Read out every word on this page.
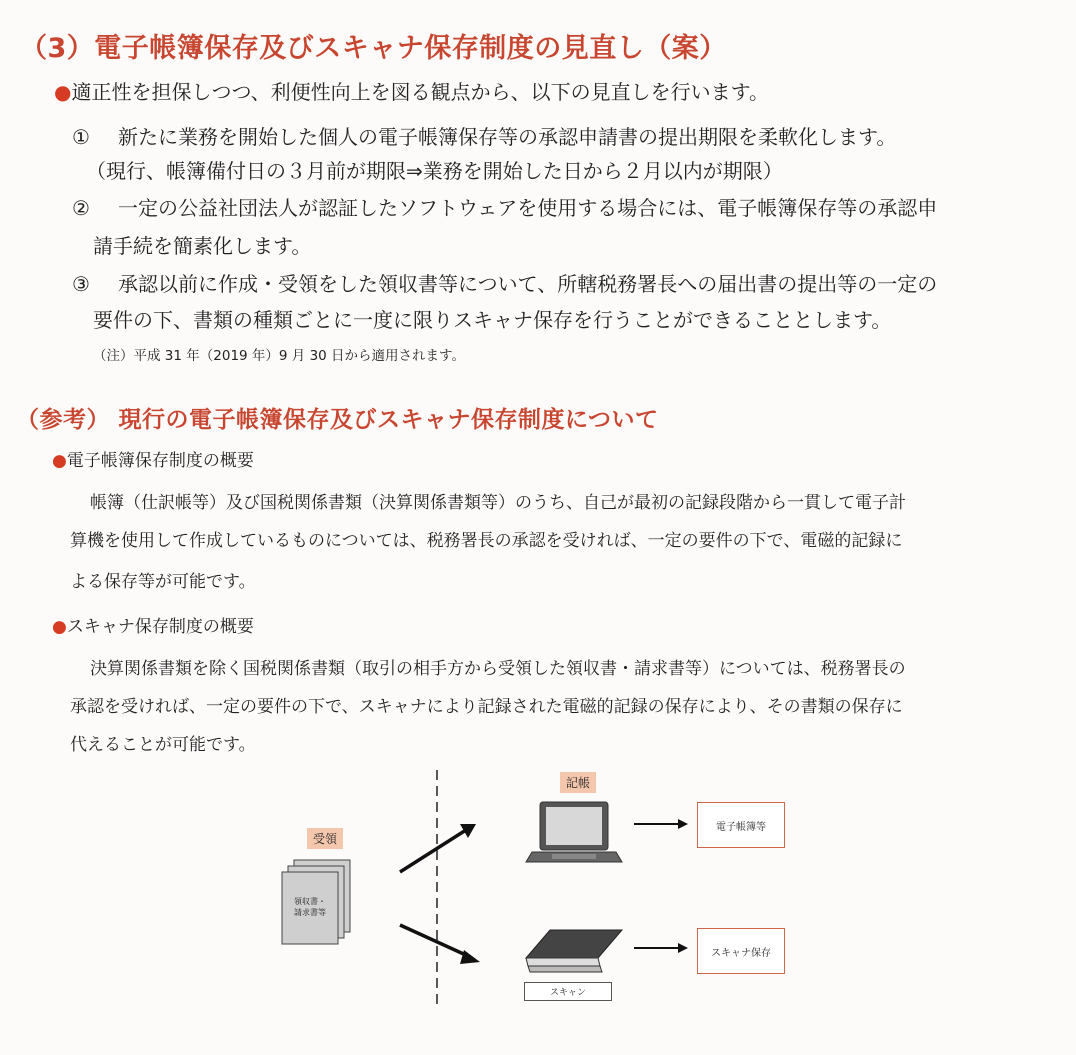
（3）電子帳簿保存及びスキャナ保存制度の見直し（案）
●適正性を担保しつつ、利便性向上を図る観点から、以下の見直しを行います。
① 新たに業務を開始した個人の電子帳簿保存等の承認申請書の提出期限を柔軟化します。
（現行、帳簿備付日の３月前が期限⇒業務を開始した日から２月以内が期限）
② 一定の公益社団法人が認証したソフトウェアを使用する場合には、電子帳簿保存等の承認申
請手続を簡素化します。
③ 承認以前に作成・受領をした領収書等について、所轄税務署長への届出書の提出等の一定の
要件の下、書類の種類ごとに一度に限りスキャナ保存を行うことができることとします。
（注）平成 31 年（2019 年）9 月 30 日から適用されます。
（参考） 現行の電子帳簿保存及びスキャナ保存制度について
●電子帳簿保存制度の概要
帳簿（仕訳帳等）及び国税関係書類（決算関係書類等）のうち、自己が最初の記録段階から一貫して電子計
算機を使用して作成しているものについては、税務署長の承認を受ければ、一定の要件の下で、電磁的記録に
よる保存等が可能です。
●スキャナ保存制度の概要
決算関係書類を除く国税関係書類（取引の相手方から受領した領収書・請求書等）については、税務署長の
承認を受ければ、一定の要件の下で、スキャナにより記録された電磁的記録の保存により、その書類の保存に
代えることが可能です。
受領
領収書・
請求書等
記帳
電子帳簿等
スキャナ保存
スキャン
